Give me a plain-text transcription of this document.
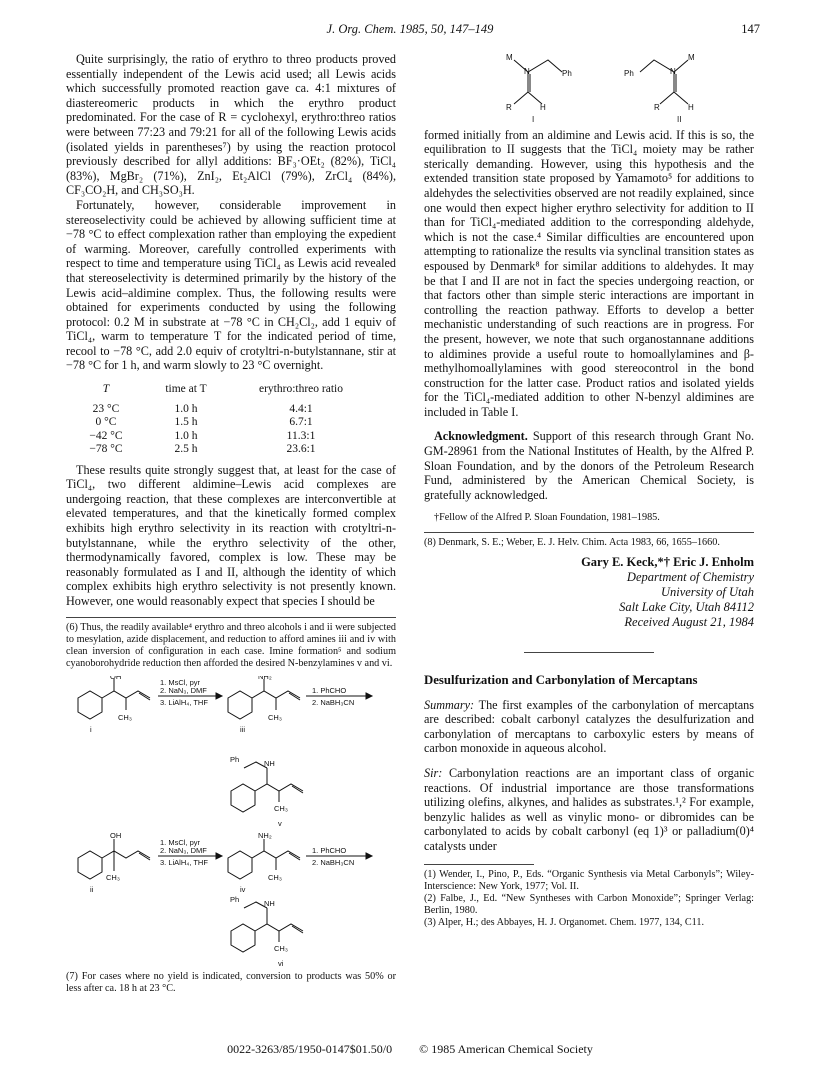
J. Org. Chem. 1985, 50, 147–149	147

Quite surprisingly, the ratio of erythro to threo products proved essentially independent of the Lewis acid used; all Lewis acids which successfully promoted reaction gave ca. 4:1 mixtures of diastereomeric products in which the erythro product predominated. For the case of R = cyclohexyl, erythro:threo ratios were between 77:23 and 79:21 for all of the following Lewis acids (isolated yields in parentheses⁷) by using the reaction protocol previously described for allyl additions: BF₃·OEt₂ (82%), TiCl₄ (83%), MgBr₂ (71%), ZnI₂, Et₂AlCl (79%), ZrCl₄ (84%), CF₃CO₂H, and CH₃SO₃H.

Fortunately, however, considerable improvement in stereoselectivity could be achieved by allowing sufficient time at −78 °C to effect complexation rather than employing the expedient of warming. Moreover, carefully controlled experiments with respect to time and temperature using TiCl₄ as Lewis acid revealed that stereoselectivity is determined primarily by the history of the Lewis acid–aldimine complex. Thus, the following results were obtained for experiments conducted by using the following protocol: 0.2 M in substrate at −78 °C in CH₂Cl₂, add 1 equiv of TiCl₄, warm to temperature T for the indicated period of time, recool to −78 °C, add 2.0 equiv of crotyltri-n-butylstannane, stir at −78 °C for 1 h, and warm slowly to 23 °C overnight.

T	time at T	erythro:threo ratio
23 °C	1.0 h	4.4:1
0 °C	1.5 h	6.7:1
−42 °C	1.0 h	11.3:1
−78 °C	2.5 h	23.6:1

These results quite strongly suggest that, at least for the case of TiCl₄, two different aldimine–Lewis acid complexes are undergoing reaction, that these complexes are interconvertible at elevated temperatures, and that the kinetically formed complex exhibits high erythro selectivity in its reaction with crotyltri-n-butylstannane, while the erythro selectivity of the other, thermodynamically favored, complex is low. These may be reasonably formulated as I and II, although the identity of which complex exhibits high erythro selectivity is not presently known. However, one would reasonably expect that species I should be

(6) Thus, the readily available⁴ erythro and threo alcohols i and ii were subjected to mesylation, azide displacement, and reduction to afford amines iii and iv with clean inversion of configuration in each case. Imine formation⁵ and sodium cyanoborohydride reduction then afforded the desired N-benzylamines v and vi.

OH
CH₃
i
1. MsCl, pyr
2. NaN₃, DMF
3. LiAlH₄, THF
NH₂
CH₃
iii
1. PhCHO
2. NaBH₃CN
Ph	NH
CH₃
v
OH
CH₃
ii
1. MsCl, pyr
2. NaN₃, DMF
3. LiAlH₄, THF
NH₂
CH₃
iv
1. PhCHO
2. NaBH₃CN
Ph	NH
CH₃
vi

(7) For cases where no yield is indicated, conversion to products was 50% or less after ca. 18 h at 23 °C.

M
N	Ph
R	H
I
Ph	N
M
R	H
II

formed initially from an aldimine and Lewis acid. If this is so, the equilibration to II suggests that the TiCl₄ moiety may be rather sterically demanding. However, using this hypothesis and the extended transition state proposed by Yamamoto⁵ for additions to aldehydes the selectivities observed are not readily explained, since one would then expect higher erythro selectivity for addition to II than for TiCl₄-mediated addition to the corresponding aldehyde, which is not the case.⁴ Similar difficulties are encountered upon attempting to rationalize the results via synclinal transition states as espoused by Denmark⁸ for similar additions to aldehydes. It may be that I and II are not in fact the species undergoing reaction, or that factors other than simple steric interactions are important in controlling the reaction pathway. Efforts to develop a better mechanistic understanding of such reactions are in progress. For the present, however, we note that such organostannane additions to aldimines provide a useful route to homoallylamines and β-methylhomoallylamines with good stereocontrol in the bond construction for the latter case. Product ratios and isolated yields for the TiCl₄-mediated addition to other N-benzyl aldimines are included in Table I.

Acknowledgment. Support of this research through Grant No. GM-28961 from the National Institutes of Health, by the Alfred P. Sloan Foundation, and by the donors of the Petroleum Research Fund, administered by the American Chemical Society, is gratefully acknowledged.

†Fellow of the Alfred P. Sloan Foundation, 1981–1985.

(8) Denmark, S. E.; Weber, E. J. Helv. Chim. Acta 1983, 66, 1655–1660.

Gary E. Keck,*† Eric J. Enholm
Department of Chemistry
University of Utah
Salt Lake City, Utah 84112
Received August 21, 1984

Desulfurization and Carbonylation of Mercaptans

Summary: The first examples of the carbonylation of mercaptans are described: cobalt carbonyl catalyzes the desulfurization and carbonylation of mercaptans to carboxylic esters by means of carbon monoxide in aqueous alcohol.

Sir: Carbonylation reactions are an important class of organic reactions. Of industrial importance are those transformations utilizing olefins, alkynes, and halides as substrates.¹,² For example, benzylic halides as well as vinylic mono- or dibromides can be carbonylated to acids by cobalt carbonyl (eq 1)³ or palladium(0)⁴ catalysts under

(1) Wender, I., Pino, P., Eds. “Organic Synthesis via Metal Carbonyls”; Wiley-Interscience: New York, 1977; Vol. II.

(2) Falbe, J., Ed. “New Syntheses with Carbon Monoxide”; Springer Verlag: Berlin, 1980.

(3) Alper, H.; des Abbayes, H. J. Organomet. Chem. 1977, 134, C11.

0022-3263/85/1950-0147$01.50/0 © 1985 American Chemical Society
